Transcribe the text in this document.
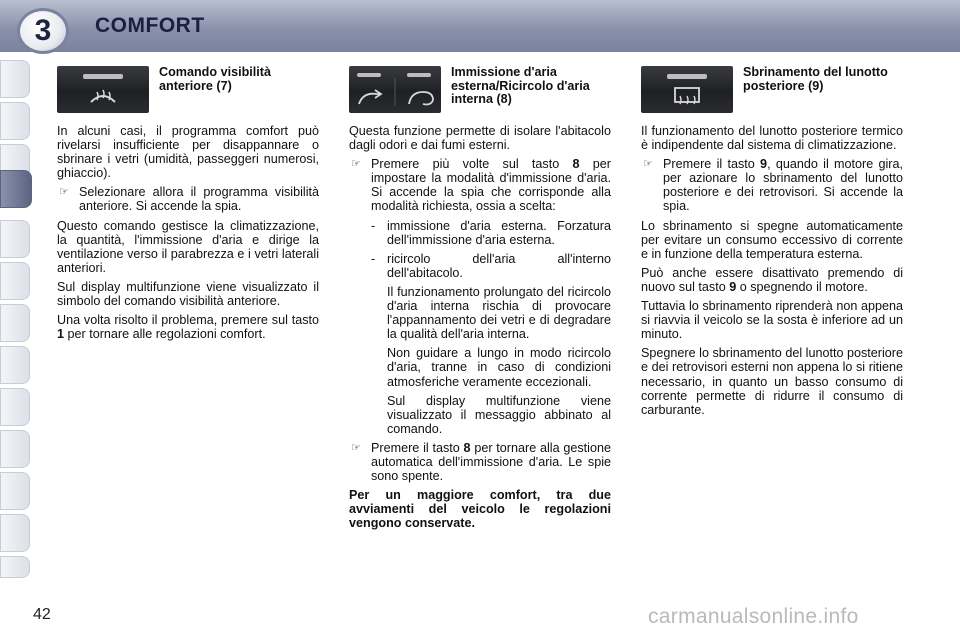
3	COMFORT
Comando visibilità anteriore (7)

In alcuni casi, il programma comfort può rivelarsi insufficiente per disappannare o sbrinare i vetri (umidità, passeggeri numerosi, ghiaccio).

☞ Selezionare allora il programma visibilità anteriore. Si accende la spia.

Questo comando gestisce la climatizzazione, la quantità, l'immissione d'aria e dirige la ventilazione verso il parabrezza e i vetri laterali anteriori.

Sul display multifunzione viene visualizzato il simbolo del comando visibilità anteriore.

Una volta risolto il problema, premere sul tasto 1 per tornare alle regolazioni comfort.

Immissione d'aria esterna/Ricircolo d'aria interna (8)

Questa funzione permette di isolare l'abitacolo dagli odori e dai fumi esterni.

☞ Premere più volte sul tasto 8 per impostare la modalità d'immissione d'aria. Si accende la spia che corrisponde alla modalità richiesta, ossia a scelta:
- immissione d'aria esterna. Forzatura dell'immissione d'aria esterna.
- ricircolo dell'aria all'interno dell'abitacolo.

Il funzionamento prolungato del ricircolo d'aria interna rischia di provocare l'appannamento dei vetri e di degradare la qualità dell'aria interna.

Non guidare a lungo in modo ricircolo d'aria, tranne in caso di condizioni atmosferiche veramente eccezionali.

Sul display multifunzione viene visualizzato il messaggio abbinato al comando.

☞ Premere il tasto 8 per tornare alla gestione automatica dell'immissione d'aria. Le spie sono spente.

Per un maggiore comfort, tra due avviamenti del veicolo le regolazioni vengono conservate.

Sbrinamento del lunotto posteriore (9)

Il funzionamento del lunotto posteriore termico è indipendente dal sistema di climatizzazione.

☞ Premere il tasto 9, quando il motore gira, per azionare lo sbrinamento del lunotto posteriore e dei retrovisori. Si accende la spia.

Lo sbrinamento si spegne automaticamente per evitare un consumo eccessivo di corrente e in funzione della temperatura esterna.

Può anche essere disattivato premendo di nuovo sul tasto 9 o spegnendo il motore.

Tuttavia lo sbrinamento riprenderà non appena si riavvia il veicolo se la sosta è inferiore ad un minuto.

Spegnere lo sbrinamento del lunotto posteriore e dei retrovisori esterni non appena lo si ritiene necessario, in quanto un basso consumo di corrente permette di ridurre il consumo di carburante.

42	carmanualsonline.info
